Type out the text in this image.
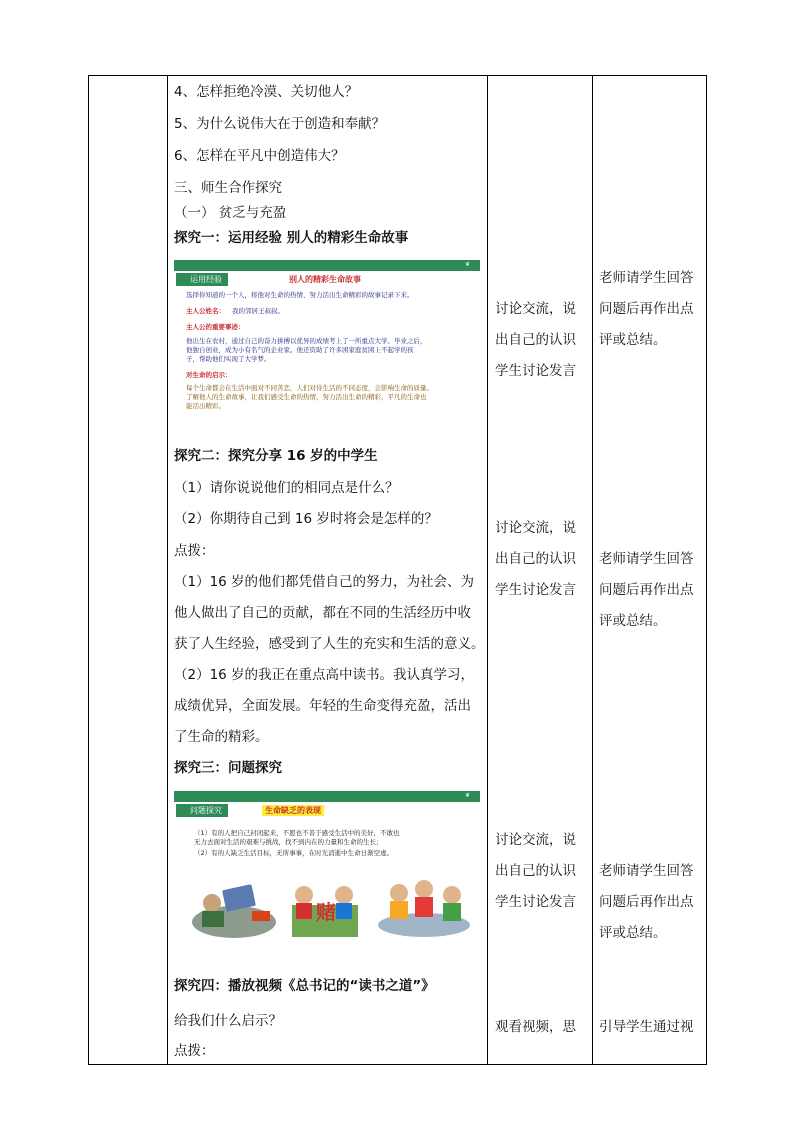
4、怎样拒绝冷漠、关切他人？
5、为什么说伟大在于创造和奉献？
6、怎样在平凡中创造伟大？
三、师生合作探究
（一） 贫乏与充盈
探究一：运用经验 别人的精彩生命故事
❦
运用经验	别人的精彩生命故事
选择你知道的一个人，将他对生命的热情、努力活出生命精彩的故事记录下来。
主人公姓名： 我的邻居王叔叔。
主人公的重要事迹：
他出生在农村，通过自己的奋力拼搏以优异的成绩考上了一所重点大学。毕业之后，
他独自创业，成为小有名气的企业家。他还资助了许多困家庭贫困上不起学的孩
子，帮助他们实现了大学梦。
对生命的启示：
每个生命都会在生活中面对不同苦恋，人们对待生活的不同态度，会影响生命的质量。
了解他人的生命故事，让我们感受生命的热情，努力活出生命的精彩，平凡的生命也
能活出精彩。
探究二：探究分享 16 岁的中学生
（1）请你说说他们的相同点是什么？
（2）你期待自己到 16 岁时将会是怎样的？
点拨：
（1）16 岁的他们都凭借自己的努力，为社会、为
他人做出了自己的贡献，都在不同的生活经历中收
获了人生经验，感受到了人生的充实和生活的意义。
（2）16 岁的我正在重点高中读书。我认真学习，
成绩优异，全面发展。年轻的生命变得充盈，活出
了生命的精彩。
探究三：问题探究
❦
问题探究	生命缺乏的表现
（1）有的人把自己封闭起来，不愿也不善于感受生活中的美好，不敢也
无力去面对生活的艰难与挑战，找不到内在的力量和生命的生长；
（2）有的人缺乏生活目标，无所事事，在时光消逝中生命日渐空虚。
赌
探究四：播放视频《总书记的“读书之道”》
给我们什么启示？
点拨：
讨论交流，说
出自己的认识
学生讨论发言
讨论交流，说
出自己的认识
学生讨论发言
讨论交流，说
出自己的认识
学生讨论发言
观看视频，思
老师请学生回答
问题后再作出点
评或总结。
老师请学生回答
问题后再作出点
评或总结。
老师请学生回答
问题后再作出点
评或总结。
引导学生通过视
